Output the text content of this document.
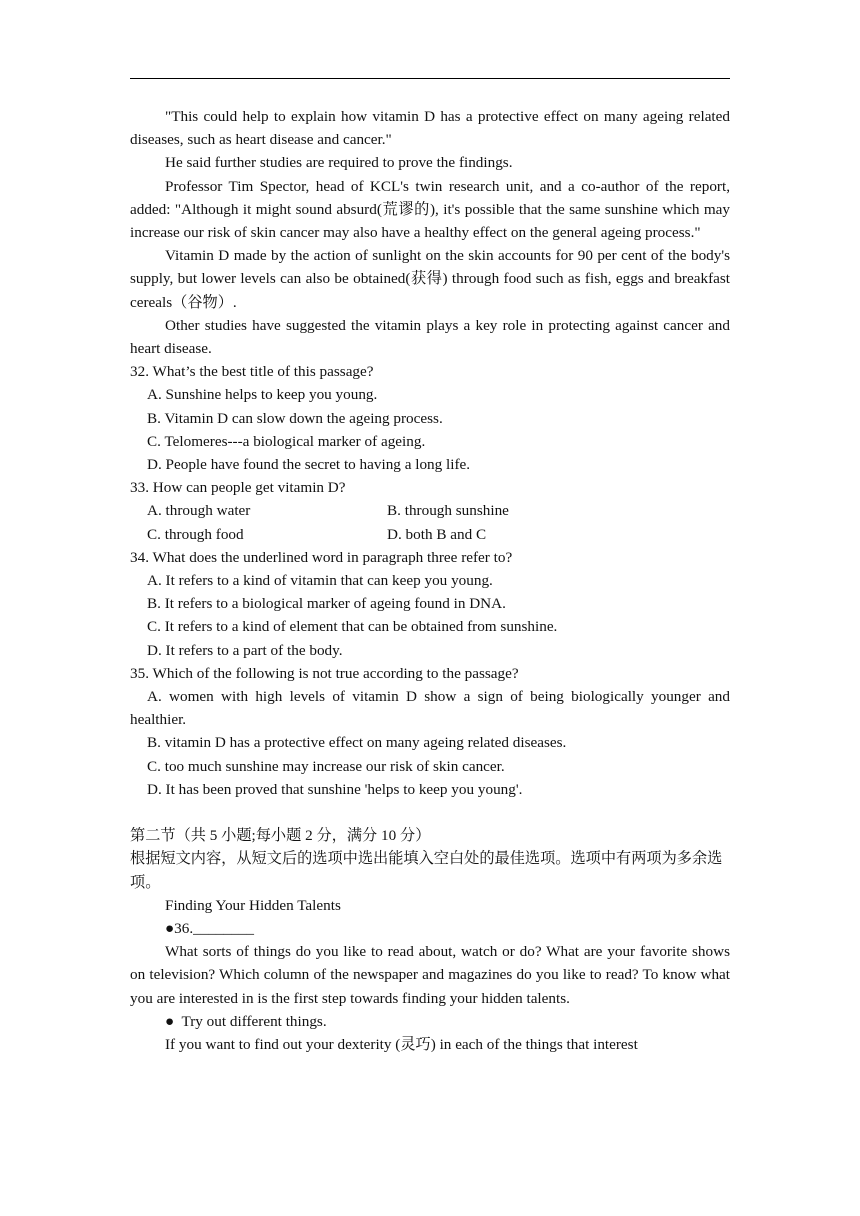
"This could help to explain how vitamin D has a protective effect on many ageing related diseases, such as heart disease and cancer."

He said further studies are required to prove the findings.

Professor Tim Spector, head of KCL's twin research unit, and a co-author of the report, added: "Although it might sound absurd(荒谬的), it's possible that the same sunshine which may increase our risk of skin cancer may also have a healthy effect on the general ageing process."

Vitamin D made by the action of sunlight on the skin accounts for 90 per cent of the body's supply, but lower levels can also be obtained(获得) through food such as fish, eggs and breakfast cereals（谷物）.

Other studies have suggested the vitamin plays a key role in protecting against cancer and heart disease.

32. What’s the best title of this passage?

A. Sunshine helps to keep you young.

B. Vitamin D can slow down the ageing process.

C. Telomeres---a biological marker of ageing.

D. People have found the secret to having a long life.

33. How can people get vitamin D?

A. through water	B. through sunshine
C. through food	D. both B and C

34. What does the underlined word in paragraph three refer to?

A. It refers to a kind of vitamin that can keep you young.

B. It refers to a biological marker of ageing found in DNA.

C. It refers to a kind of element that can be obtained from sunshine.

D. It refers to a part of the body.

35. Which of the following is not true according to the passage?

A. women with high levels of vitamin D show a sign of being biologically younger and healthier.

B. vitamin D has a protective effect on many ageing related diseases.

C. too much sunshine may increase our risk of skin cancer.

D. It has been proved that sunshine 'helps to keep you young'.

第二节（共 5 小题;每小题 2 分，满分 10 分）

根据短文内容，从短文后的选项中选出能填入空白处的最佳选项。选项中有两项为多余选项。

Finding Your Hidden Talents

●36.________

What sorts of things do you like to read about, watch or do? What are your favorite shows on television? Which column of the newspaper and magazines do you like to read? To know what you are interested in is the first step towards finding your hidden talents.

●  Try out different things.

If you want to find out your dexterity (灵巧) in each of the things that interest
